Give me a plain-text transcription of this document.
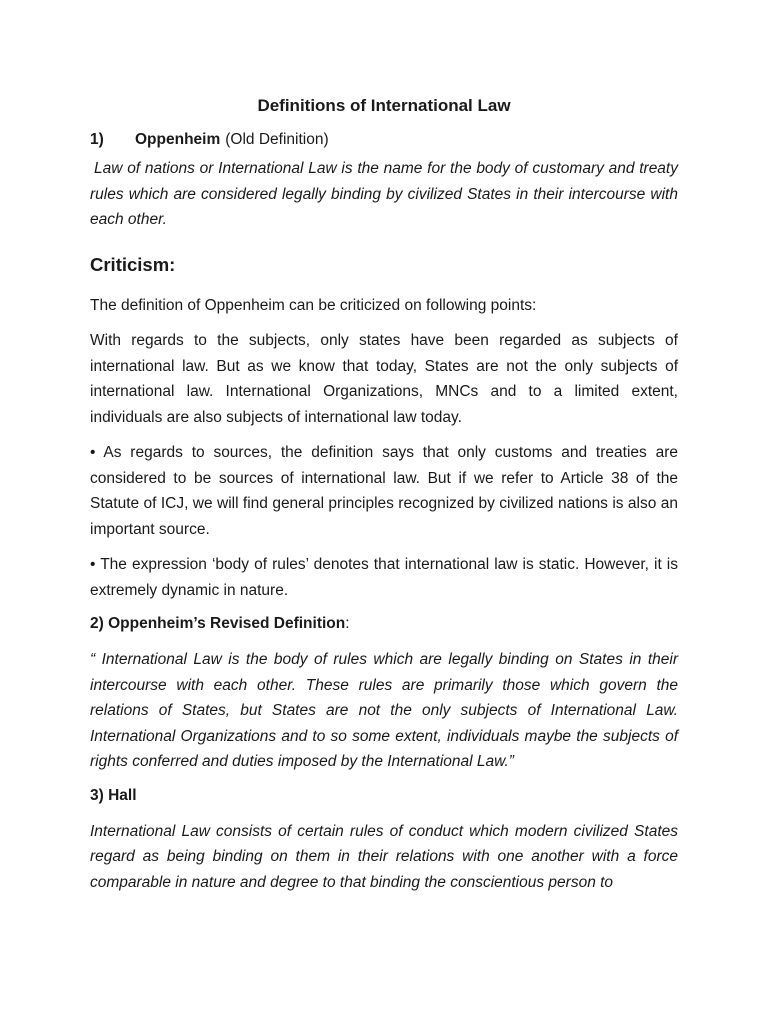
Definitions of International Law
1)	Oppenheim (Old Definition)

Law of nations or International Law is the name for the body of customary and treaty rules which are considered legally binding by civilized States in their intercourse with each other.

Criticism:

The definition of Oppenheim can be criticized on following points:

With regards to the subjects, only states have been regarded as subjects of international law. But as we know that today, States are not the only subjects of international law. International Organizations, MNCs and to a limited extent, individuals are also subjects of international law today.

• As regards to sources, the definition says that only customs and treaties are considered to be sources of international law. But if we refer to Article 38 of the Statute of ICJ, we will find general principles recognized by civilized nations is also an important source.

• The expression ‘body of rules’ denotes that international law is static. However, it is extremely dynamic in nature.

2) Oppenheim’s Revised Definition:

“ International Law is the body of rules which are legally binding on States in their intercourse with each other. These rules are primarily those which govern the relations of States, but States are not the only subjects of International Law. International Organizations and to so some extent, individuals maybe the subjects of rights conferred and duties imposed by the International Law.”

3) Hall

International Law consists of certain rules of conduct which modern civilized States regard as being binding on them in their relations with one another with a force comparable in nature and degree to that binding the conscientious person to
